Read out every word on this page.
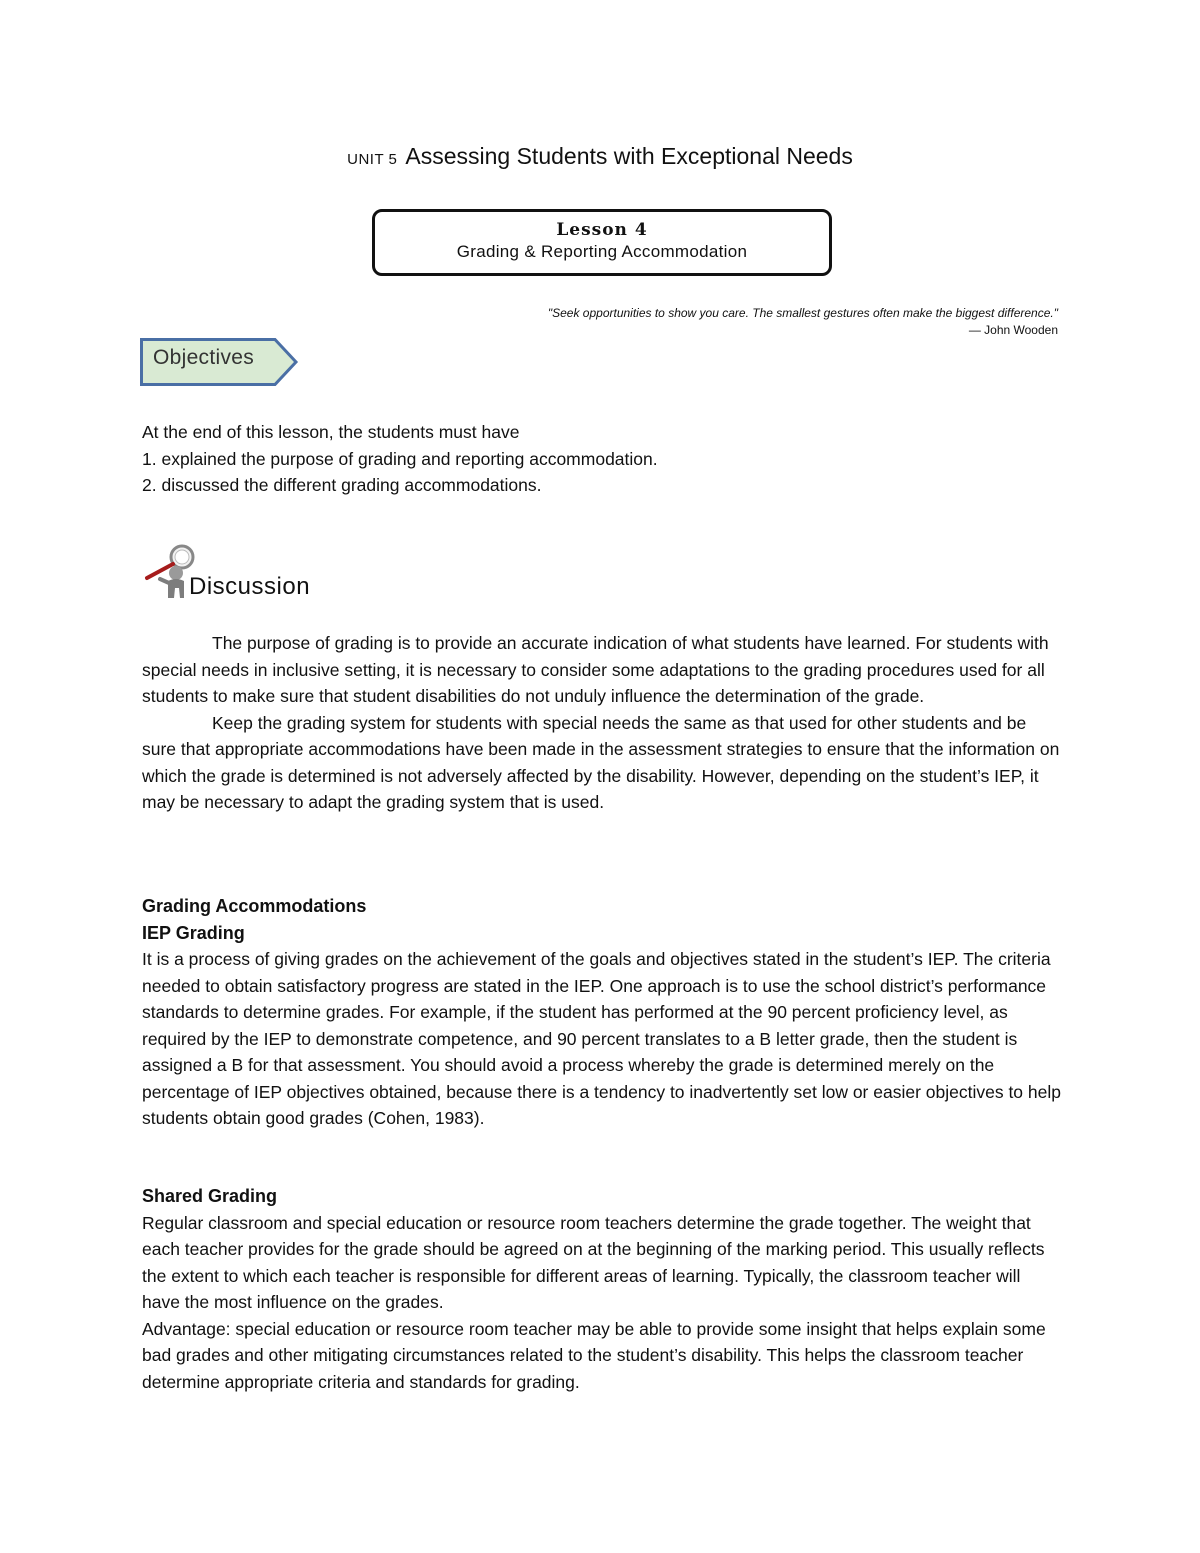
UNIT 5 Assessing Students with Exceptional Needs
Lesson 4
Grading & Reporting Accommodation
"Seek opportunities to show you care. The smallest gestures often make the biggest difference."
― John Wooden
Objectives

At the end of this lesson, the students must have

1. explained the purpose of grading and reporting accommodation.

2. discussed the different grading accommodations.

Discussion

The purpose of grading is to provide an accurate indication of what students have learned. For students with special needs in inclusive setting, it is necessary to consider some adaptations to the grading procedures used for all students to make sure that student disabilities do not unduly influence the determination of the grade.

Keep the grading system for students with special needs the same as that used for other students and be sure that appropriate accommodations have been made in the assessment strategies to ensure that the information on which the grade is determined is not adversely affected by the disability. However, depending on the student’s IEP, it may be necessary to adapt the grading system that is used.

Grading Accommodations
IEP Grading

It is a process of giving grades on the achievement of the goals and objectives stated in the student’s IEP. The criteria needed to obtain satisfactory progress are stated in the IEP. One approach is to use the school district’s performance standards to determine grades. For example, if the student has performed at the 90 percent proficiency level, as required by the IEP to demonstrate competence, and 90 percent translates to a B letter grade, then the student is assigned a B for that assessment. You should avoid a process whereby the grade is determined merely on the percentage of IEP objectives obtained, because there is a tendency to inadvertently set low or easier objectives to help students obtain good grades (Cohen, 1983).

Shared Grading

Regular classroom and special education or resource room teachers determine the grade together. The weight that each teacher provides for the grade should be agreed on at the beginning of the marking period. This usually reflects the extent to which each teacher is responsible for different areas of learning. Typically, the classroom teacher will have the most influence on the grades.

Advantage: special education or resource room teacher may be able to provide some insight that helps explain some bad grades and other mitigating circumstances related to the student’s disability. This helps the classroom teacher determine appropriate criteria and standards for grading.
